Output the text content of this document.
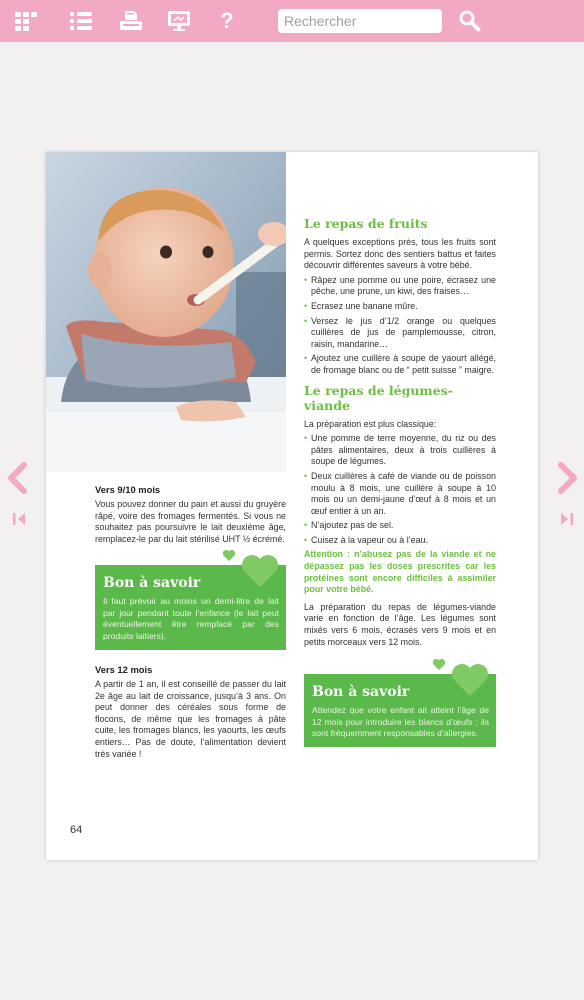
?
Rechercher
Vers 9/10 mois
Vous pouvez donner du pain et aussi du gruyère râpé, voire des fromages fermentés. Si vous ne souhaitez pas poursuivre le lait deuxième âge, remplacez-le par du lait stérilisé UHT ½ écrémé.
Bon à savoir
Il faut prévoir au moins un demi-litre de lait par jour pendant toute l’enfance (le lait peut éventuellement être remplacé par des produits laitiers).
Vers 12 mois
A partir de 1 an, il est conseillé de passer du lait 2e âge au lait de croissance, jusqu’à 3 ans. On peut donner des céréales sous forme de flocons, de même que les fromages à pâte cuite, les fromages blancs, les yaourts, les œufs entiers… Pas de doute, l’alimentation devient très variée !
Le repas de fruits
A quelques exceptions près, tous les fruits sont permis. Sortez donc des sentiers battus et faites découvrir différentes saveurs à votre bébé.
• Râpez une pomme ou une poire, écrasez une pêche, une prune, un kiwi, des fraises…
• Ecrasez une banane mûre.
• Versez le jus d’1/2 orange ou quelques cuillères de jus de pamplemousse, citron, raisin, mandarine…
• Ajoutez une cuillère à soupe de yaourt allégé, de fromage blanc ou de “ petit suisse ” maigre.
Le repas de légumes-viande
La préparation est plus classique:
• Une pomme de terre moyenne, du riz ou des pâtes alimentaires, deux à trois cuillères à soupe de légumes.
• Deux cuillères à café de viande ou de poisson moulu à 8 mois, une cuillère à soupe à 10 mois ou un demi-jaune d’œuf à 8 mois et un œuf entier à un an.
• N’ajoutez pas de sel.
• Cuisez à la vapeur ou à l’eau.
Attention : n’abusez pas de la viande et ne dépassez pas les doses prescrites car les protéines sont encore difficiles à assimiler pour votre bébé.
La préparation du repas de légumes-viande varie en fonction de l’âge. Les légumes sont mixés vers 6 mois, écrasés vers 9 mois et en petits morceaux vers 12 mois.
Bon à savoir
Attendez que votre enfant ait atteint l’âge de 12 mois pour introduire les blancs d’œufs : ils sont fréquemment responsables d’allergies.
64
